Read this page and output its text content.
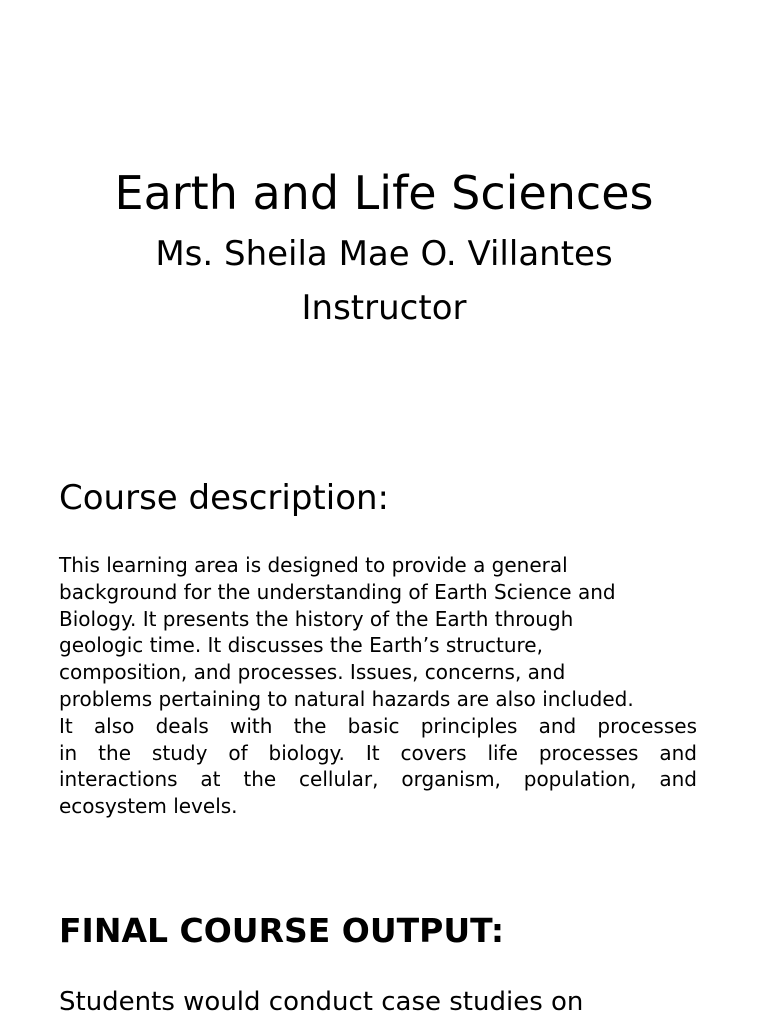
Earth and Life Sciences
Ms. Sheila Mae O. Villantes
Instructor
Course description:
This learning area is designed to provide a general
background for the understanding of Earth Science and
Biology. It presents the history of the Earth through
geologic time. It discusses the Earth’s structure,
composition, and processes. Issues, concerns, and
problems pertaining to natural hazards are also included.
It also deals with the basic principles and processes
in the study of biology. It covers life processes and
interactions at the cellular, organism, population, and
ecosystem levels.
FINAL COURSE OUTPUT:
Students would conduct case studies on
